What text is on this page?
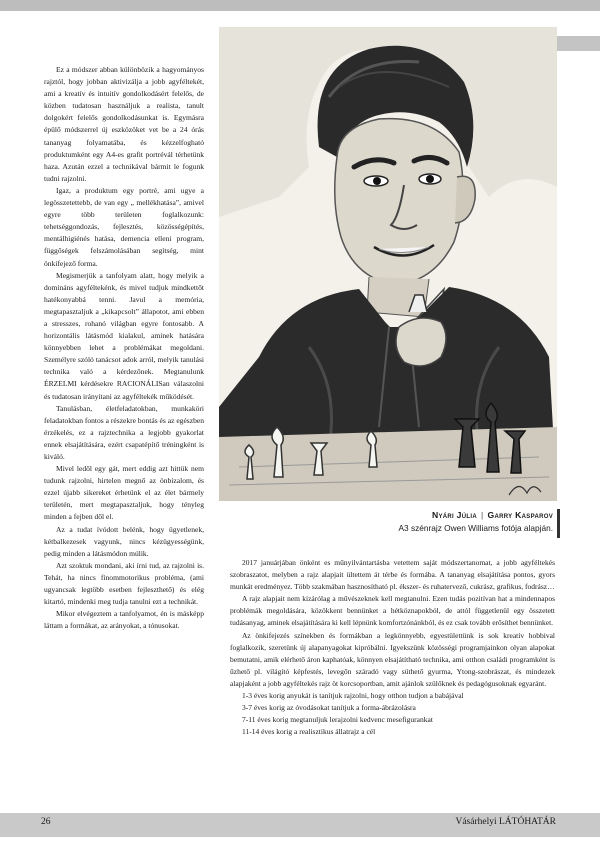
Ez a módszer abban különbözik a hagyományos rajztól, hogy jobban aktivizálja a jobb agyféltekét, ami a kreatív és intuitív gondolkodásért felelős, de közben tudatosan használjuk a realista, tanult dolgokért felelős gondolkodásunkat is. Egymásra épülő módszerrel új eszközöket vet be a 24 órás tananyag folyamatába, és kézzelfogható produktumként egy A4-es grafit portrévál térhetünk haza. Azután ezzel a technikával bármit le fogunk tudni rajzolni.

Igaz, a produktum egy portré, ami ugye a legösszetettebb, de van egy „ mellékhatása”, amivel egyre több területen foglalkozunk: tehetséggondozás, fejlesztés, közösségépítés, mentálhigiénés hatása, demencia elleni program, függőségek felszámolásában segítség, mint önkifejező forma.

Megismerjük a tanfolyam alatt, hogy melyik a domináns agyféltekénk, és mivel tudjuk mindkettőt hatékonyabbá tenni. Javul a memória, megtapasztaljuk a „kikapcsolt” állapotot, ami ebben a stresszes, rohanó világban egyre fontosabb. A horizontális látásmód kialakul, aminek hatására könnyebben lehet a problémákat megoldani. Személyre szóló tanácsot adok arról, melyik tanulási technika való a kérdezőnek. Megtanulunk ÉRZELMI kérdésekre RACIONÁLISan válaszolni és tudatosan irányítani az agyféltekék működését.

Tanulásban, életfeladatokban, munkaköri feladatokban fontos a részekre bontás és az egészben érzékelés, ez a rajztechnika a legjobb gyakorlat ennek elsajátítására, ezért csapatépítő tréningként is kiváló.

Mivel ledől egy gát, mert eddig azt hittük nem tudunk rajzolni, hirtelen megnő az önbizalom, és ezzel újabb sikereket érhetünk el az élet bármely területén, mert megtapasztaljuk, hogy tényleg minden a fejben dől el.

Az a tudat ívódott belénk, hogy ügyetlenek, kétbalkezesek vagyunk, nincs kézügyességünk, pedig minden a látásmódon múlik.

Azt szoktuk mondani, aki írni tud, az rajzolni is. Tehát, ha nincs finommotorikus probléma, (ami ugyancsak legtöbb esetben fejleszthető) és elég kitartó, mindenki meg tudja tanulni ezt a technikát.

Mikor elvégeztem a tanfolyamot, én is másképp láttam a formákat, az arányokat, a tónusokat.

Nyári Júlia | Garry Kasparov
A3 szénrajz Owen Williams fotója alapján.

2017 januárjában önként es műnyilvántartásba vetettem saját módszertanomat, a jobb agyféltekés szobraszatot, melyben a rajz alapjait ültettem át térbe és formába. A tananyag elsajátítása pontos, gyors munkát eredményez. Több szakmában hasznosítható pl. ékszer- és ruhatervező, cukrász, grafikus, fodrász…

A rajz alapjait nem kizárólag a művészeknek kell megtanulni. Ezen tudás pozitívan hat a mindennapos problémák megoldására, közökkent bennünket a hétköznapokból, de attól függetlenül egy összetett tudásanyag, aminek elsajátítására ki kell lépnünk komfortzónánkból, és ez csak tovább erősíthet bennünket.

Az önkifejezés színekben és formákban a legkönnyebb, egyestülettünk is sok kreatív hobbival foglalkozik, szeretünk új alapanyagokat kipróbálni. Igyekszünk közösségi programjainkon olyan alapokat bemutatni, amik elérhető áron kaphatóak, könnyen elsajátítható technika, ami otthon családi programként is űzhető pl. világító képfestés, levegőn száradó vagy süthető gyurma, Ytong-szobrászat, és mindezek alapjaként a jobb agyféltekés rajz öt korcsoportban, amit ajánlok szülőknek és pedagógusoknak egyaránt.

1-3 éves korig anyukát is tanítjuk rajzolni, hogy otthon tudjon a babájával
3-7 éves korig az óvodásokat tanítjuk a forma-ábrázolásra
7-11 éves korig megtanuljuk lerajzolni kedvenc mesefigurankat
11-14 éves korig a realisztikus állatrajz a cél
26	Vásárhelyi LÁTÓHATÁR
